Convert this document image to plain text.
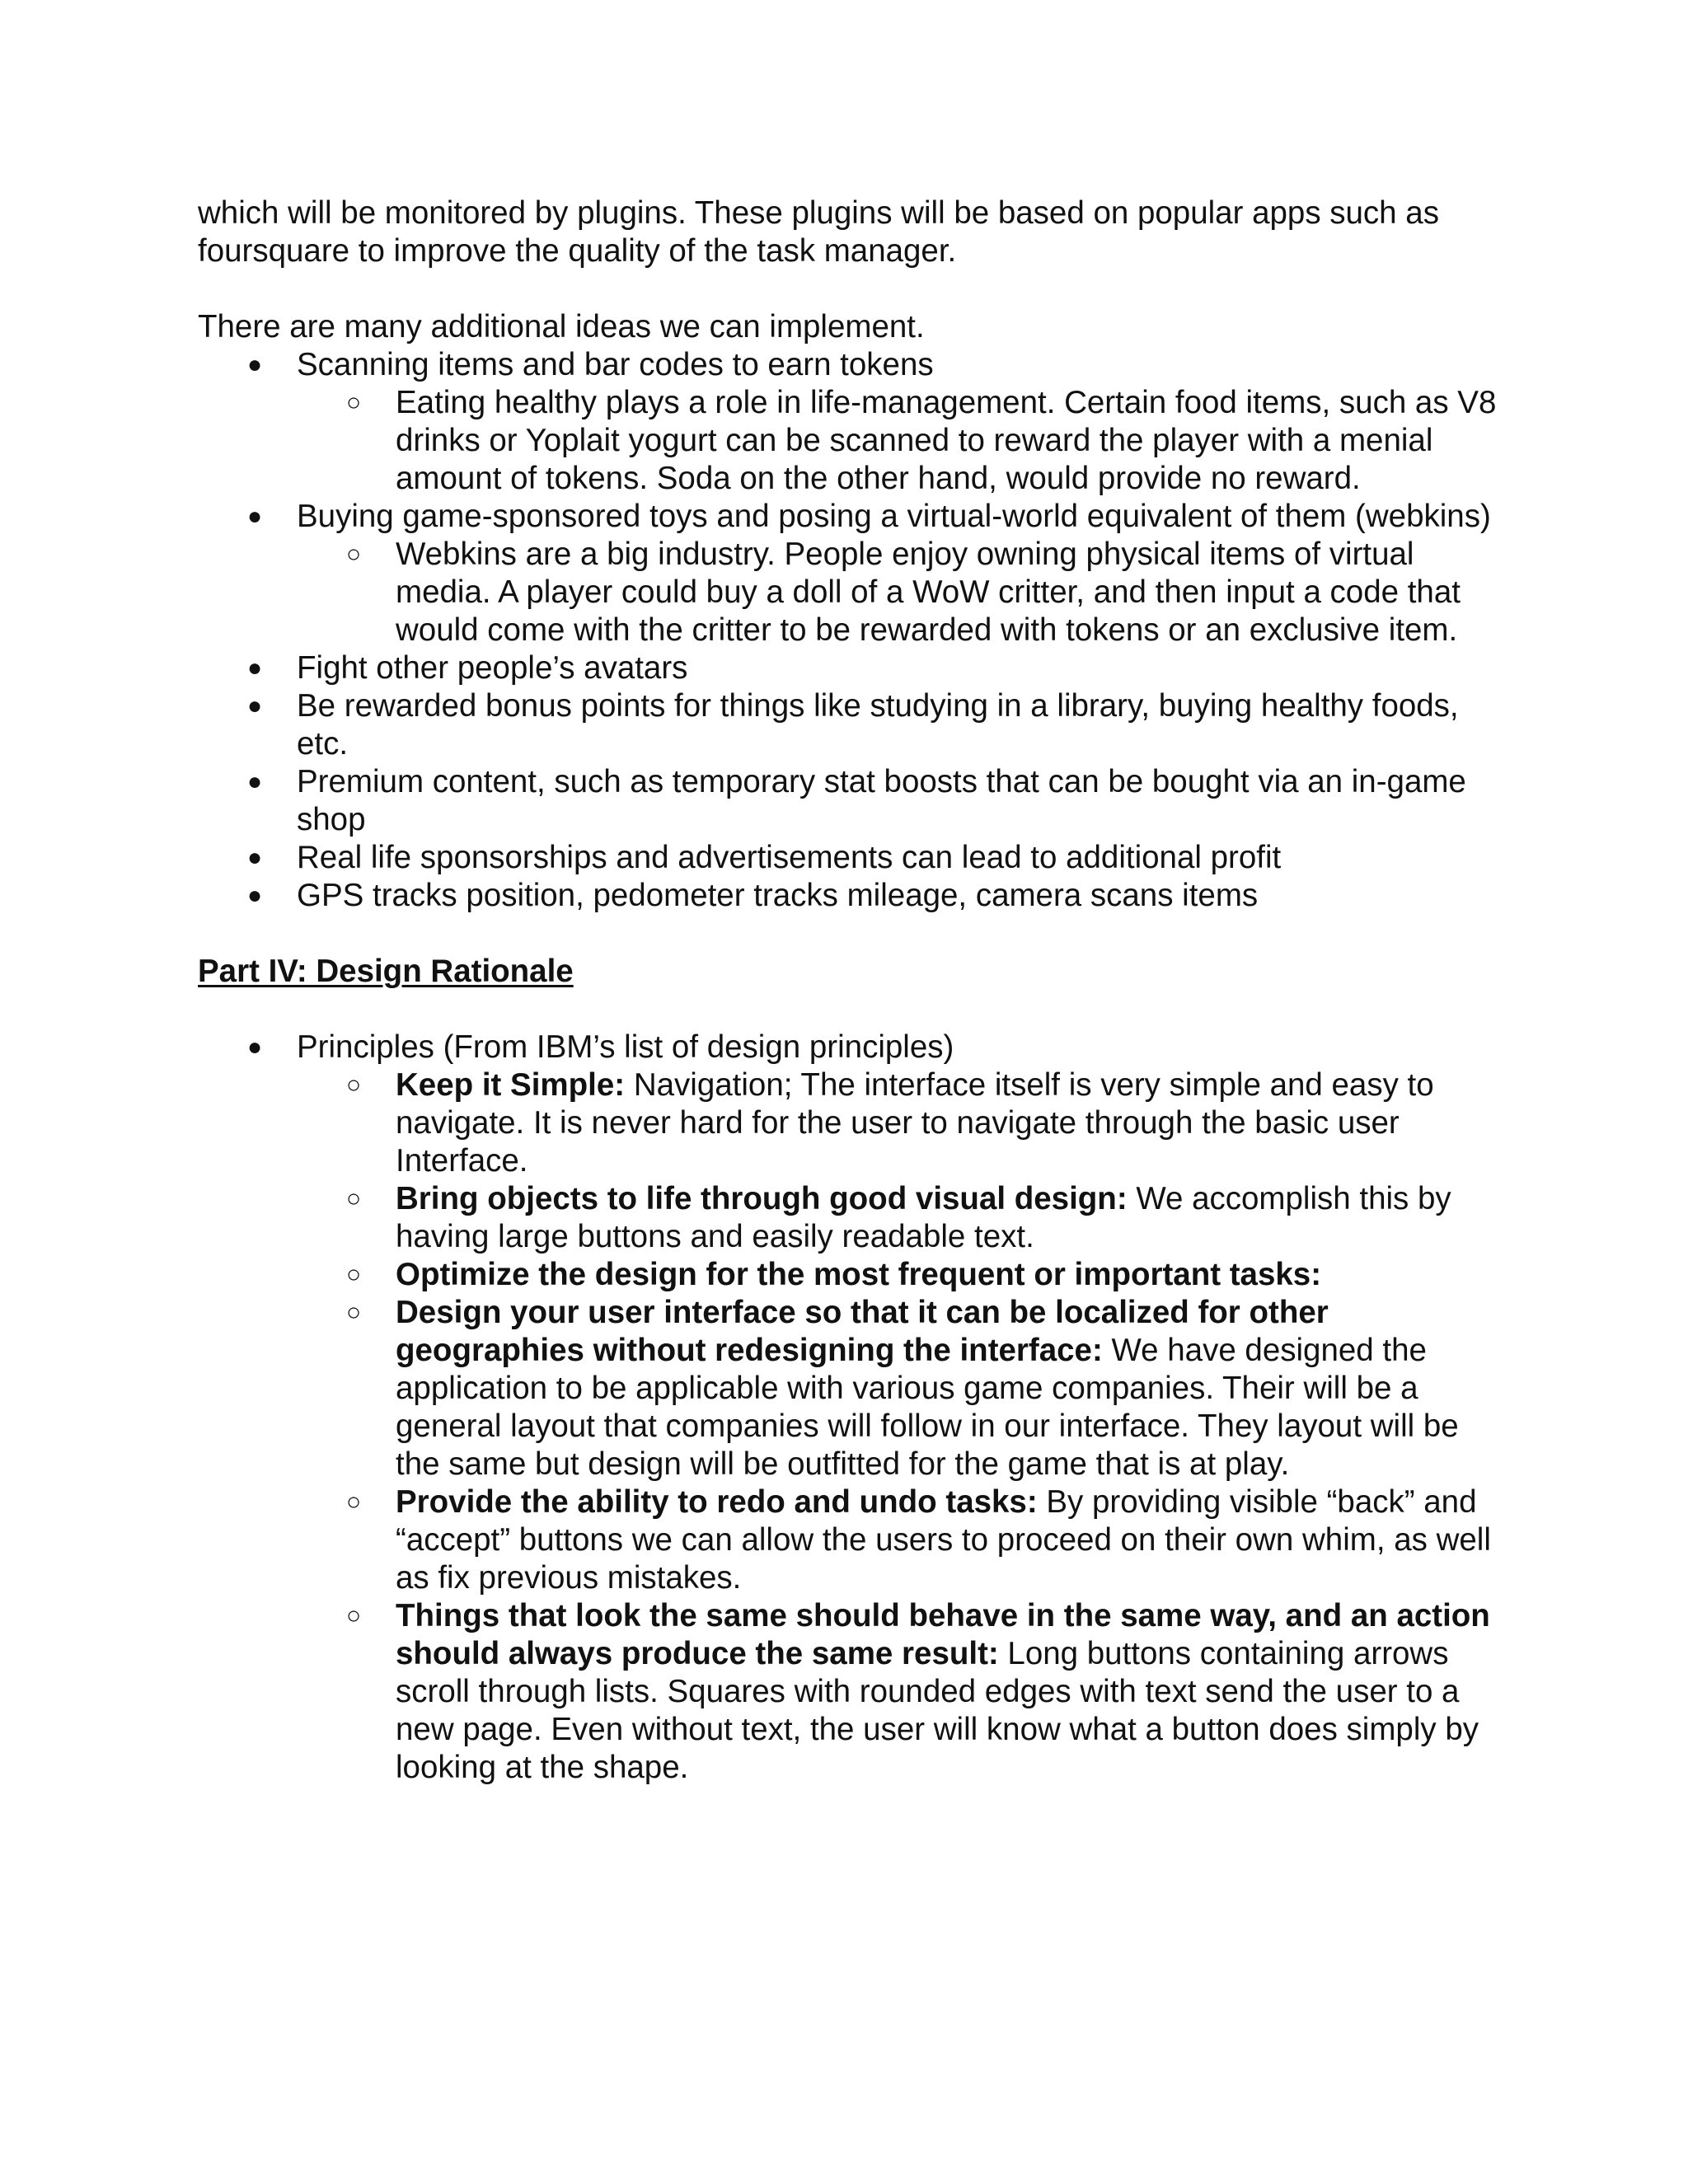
which will be monitored by plugins. These plugins will be based on popular apps such as foursquare to improve the quality of the task manager.

There are many additional ideas we can implement.

●	Scanning items and bar codes to earn tokens
○	Eating healthy plays a role in life-management. Certain food items, such as V8 drinks or Yoplait yogurt can be scanned to reward the player with a menial amount of tokens. Soda on the other hand, would provide no reward.
●	Buying game-sponsored toys and posing a virtual-world equivalent of them (webkins)
○	Webkins are a big industry. People enjoy owning physical items of virtual media. A player could buy a doll of a WoW critter, and then input a code that would come with the critter to be rewarded with tokens or an exclusive item.
●	Fight other people’s avatars
●	Be rewarded bonus points for things like studying in a library, buying healthy foods, etc.
●	Premium content, such as temporary stat boosts that can be bought via an in-game shop
●	Real life sponsorships and advertisements can lead to additional profit
●	GPS tracks position, pedometer tracks mileage, camera scans items

Part IV: Design Rationale

●	Principles (From IBM’s list of design principles)
○	Keep it Simple: Navigation; The interface itself is very simple and easy to navigate. It is never hard for the user to navigate through the basic user Interface.
○	Bring objects to life through good visual design: We accomplish this by having large buttons and easily readable text.
○	Optimize the design for the most frequent or important tasks:
○	Design your user interface so that it can be localized for other geographies without redesigning the interface: We have designed the application to be applicable with various game companies. Their will be a general layout that companies will follow in our interface. They layout will be the same but design will be outfitted for the game that is at play.
○	Provide the ability to redo and undo tasks: By providing visible “back” and “accept” buttons we can allow the users to proceed on their own whim, as well as fix previous mistakes.
○	Things that look the same should behave in the same way, and an action should always produce the same result: Long buttons containing arrows scroll through lists. Squares with rounded edges with text send the user to a new page. Even without text, the user will know what a button does simply by looking at the shape.
